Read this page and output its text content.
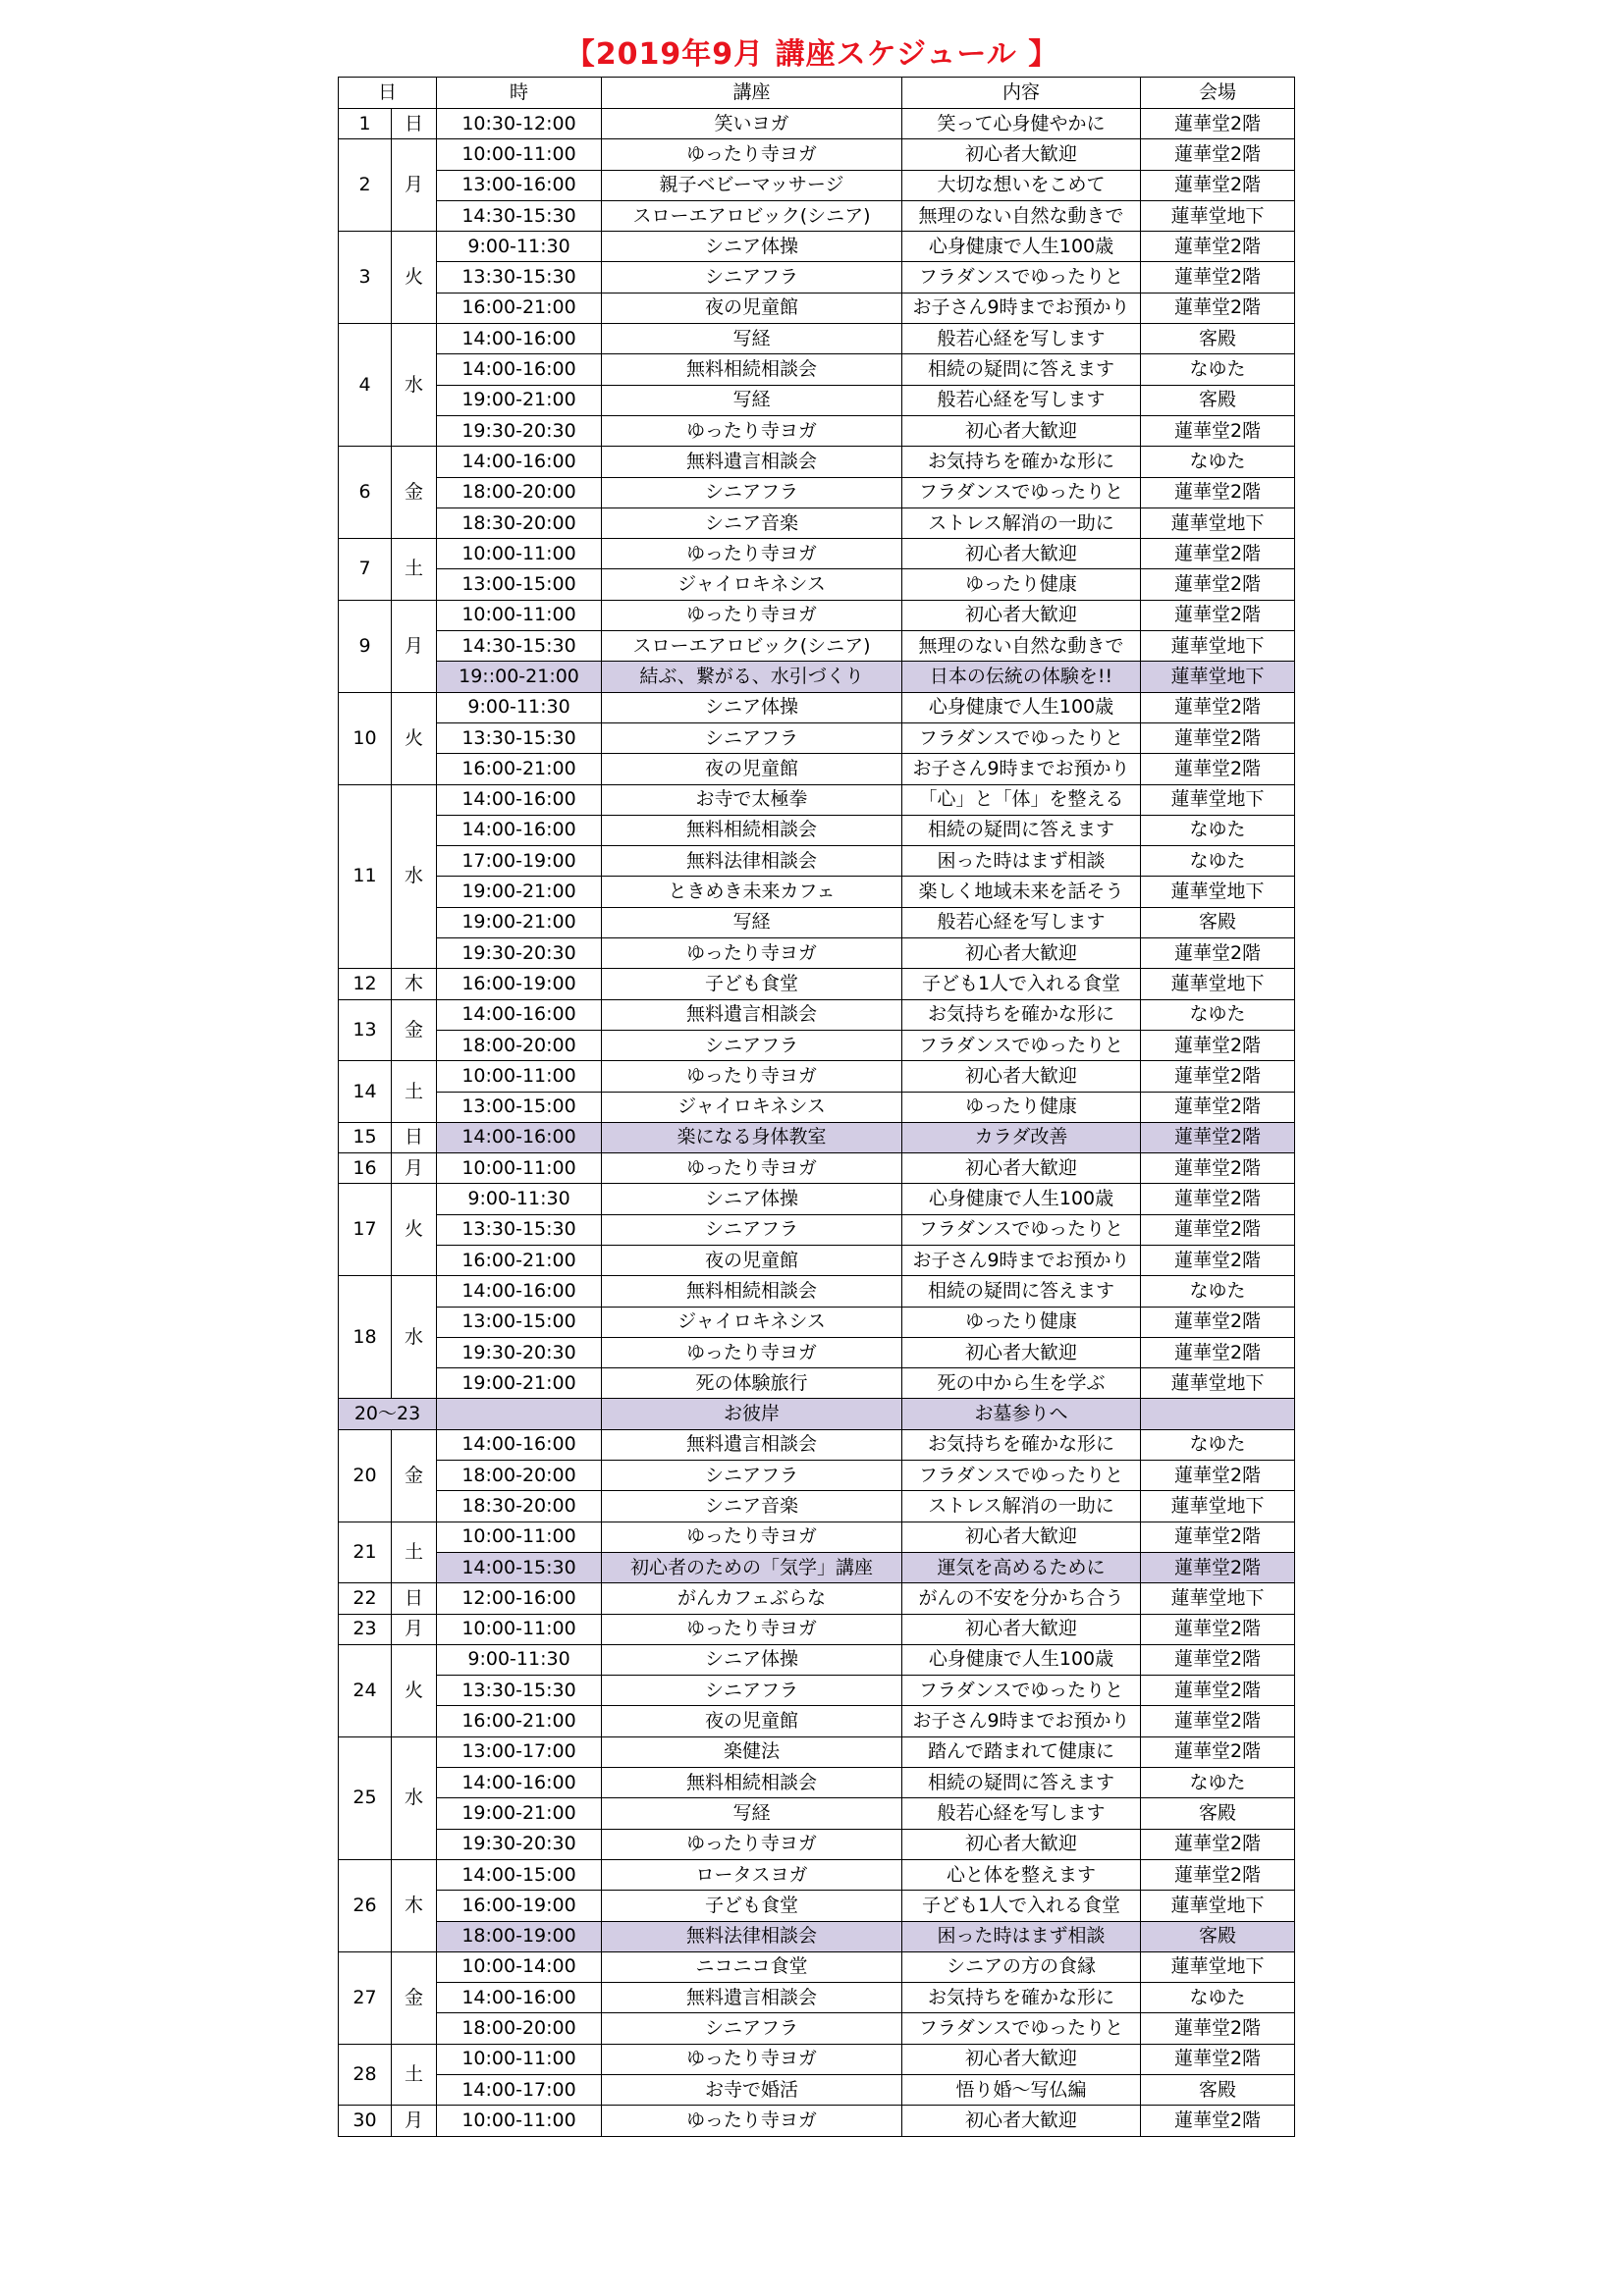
【2019年9月 講座スケジュール 】
日		時	講座	内容	会場
1	日	10:30-12:00	笑いヨガ	笑って心身健やかに	蓮華堂2階
2	月	10:00-11:00	ゆったり寺ヨガ	初心者大歓迎	蓮華堂2階
		13:00-16:00	親子ベビーマッサージ	大切な想いをこめて	蓮華堂2階
		14:30-15:30	スローエアロビック(シニア)	無理のない自然な動きで	蓮華堂地下
3	火	9:00-11:30	シニア体操	心身健康で人生100歳	蓮華堂2階
		13:30-15:30	シニアフラ	フラダンスでゆったりと	蓮華堂2階
		16:00-21:00	夜の児童館	お子さん9時までお預かり	蓮華堂2階
4	水	14:00-16:00	写経	般若心経を写します	客殿
		14:00-16:00	無料相続相談会	相続の疑問に答えます	なゆた
		19:00-21:00	写経	般若心経を写します	客殿
		19:30-20:30	ゆったり寺ヨガ	初心者大歓迎	蓮華堂2階
6	金	14:00-16:00	無料遺言相談会	お気持ちを確かな形に	なゆた
		18:00-20:00	シニアフラ	フラダンスでゆったりと	蓮華堂2階
		18:30-20:00	シニア音楽	ストレス解消の一助に	蓮華堂地下
7	土	10:00-11:00	ゆったり寺ヨガ	初心者大歓迎	蓮華堂2階
		13:00-15:00	ジャイロキネシス	ゆったり健康	蓮華堂2階
9	月	10:00-11:00	ゆったり寺ヨガ	初心者大歓迎	蓮華堂2階
		14:30-15:30	スローエアロビック(シニア)	無理のない自然な動きで	蓮華堂地下
		19::00-21:00	結ぶ、繋がる、水引づくり	日本の伝統の体験を!!	蓮華堂地下
10	火	9:00-11:30	シニア体操	心身健康で人生100歳	蓮華堂2階
		13:30-15:30	シニアフラ	フラダンスでゆったりと	蓮華堂2階
		16:00-21:00	夜の児童館	お子さん9時までお預かり	蓮華堂2階
11	水	14:00-16:00	お寺で太極拳	「心」と「体」を整える	蓮華堂地下
		14:00-16:00	無料相続相談会	相続の疑問に答えます	なゆた
		17:00-19:00	無料法律相談会	困った時はまず相談	なゆた
		19:00-21:00	ときめき未来カフェ	楽しく地域未来を話そう	蓮華堂地下
		19:00-21:00	写経	般若心経を写します	客殿
		19:30-20:30	ゆったり寺ヨガ	初心者大歓迎	蓮華堂2階
12	木	16:00-19:00	子ども食堂	子ども1人で入れる食堂	蓮華堂地下
13	金	14:00-16:00	無料遺言相談会	お気持ちを確かな形に	なゆた
		18:00-20:00	シニアフラ	フラダンスでゆったりと	蓮華堂2階
14	土	10:00-11:00	ゆったり寺ヨガ	初心者大歓迎	蓮華堂2階
		13:00-15:00	ジャイロキネシス	ゆったり健康	蓮華堂2階
15	日	14:00-16:00	楽になる身体教室	カラダ改善	蓮華堂2階
16	月	10:00-11:00	ゆったり寺ヨガ	初心者大歓迎	蓮華堂2階
17	火	9:00-11:30	シニア体操	心身健康で人生100歳	蓮華堂2階
		13:30-15:30	シニアフラ	フラダンスでゆったりと	蓮華堂2階
		16:00-21:00	夜の児童館	お子さん9時までお預かり	蓮華堂2階
18	水	14:00-16:00	無料相続相談会	相続の疑問に答えます	なゆた
		13:00-15:00	ジャイロキネシス	ゆったり健康	蓮華堂2階
		19:30-20:30	ゆったり寺ヨガ	初心者大歓迎	蓮華堂2階
		19:00-21:00	死の体験旅行	死の中から生を学ぶ	蓮華堂地下
20〜23			お彼岸	お墓参りへ	
20	金	14:00-16:00	無料遺言相談会	お気持ちを確かな形に	なゆた
		18:00-20:00	シニアフラ	フラダンスでゆったりと	蓮華堂2階
		18:30-20:00	シニア音楽	ストレス解消の一助に	蓮華堂地下
21	土	10:00-11:00	ゆったり寺ヨガ	初心者大歓迎	蓮華堂2階
		14:00-15:30	初心者のための「気学」講座	運気を高めるために	蓮華堂2階
22	日	12:00-16:00	がんカフェぶらな	がんの不安を分かち合う	蓮華堂地下
23	月	10:00-11:00	ゆったり寺ヨガ	初心者大歓迎	蓮華堂2階
24	火	9:00-11:30	シニア体操	心身健康で人生100歳	蓮華堂2階
		13:30-15:30	シニアフラ	フラダンスでゆったりと	蓮華堂2階
		16:00-21:00	夜の児童館	お子さん9時までお預かり	蓮華堂2階
25	水	13:00-17:00	楽健法	踏んで踏まれて健康に	蓮華堂2階
		14:00-16:00	無料相続相談会	相続の疑問に答えます	なゆた
		19:00-21:00	写経	般若心経を写します	客殿
		19:30-20:30	ゆったり寺ヨガ	初心者大歓迎	蓮華堂2階
26	木	14:00-15:00	ロータスヨガ	心と体を整えます	蓮華堂2階
		16:00-19:00	子ども食堂	子ども1人で入れる食堂	蓮華堂地下
		18:00-19:00	無料法律相談会	困った時はまず相談	客殿
27	金	10:00-14:00	ニコニコ食堂	シニアの方の食縁	蓮華堂地下
		14:00-16:00	無料遺言相談会	お気持ちを確かな形に	なゆた
		18:00-20:00	シニアフラ	フラダンスでゆったりと	蓮華堂2階
28	土	10:00-11:00	ゆったり寺ヨガ	初心者大歓迎	蓮華堂2階
		14:00-17:00	お寺で婚活	悟り婚〜写仏編	客殿
30	月	10:00-11:00	ゆったり寺ヨガ	初心者大歓迎	蓮華堂2階
